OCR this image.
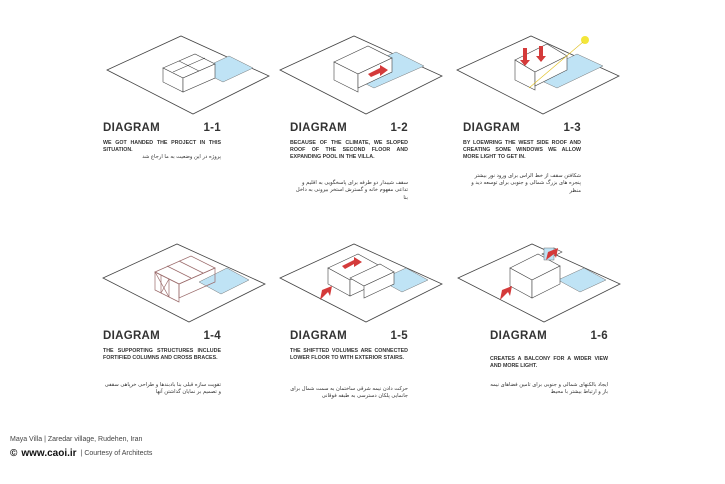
DIAGRAM	1-1
WE GOT HANDED THE PROJECT IN THIS SITUATION.
پروژه در این وضعیت به ما ارجاع شد
DIAGRAM	1-2
BECAUSE OF THE CLIMATE, WE SLOPED ROOF OF THE SECOND FLOOR AND EXPANDING POOL IN THE VILLA.
سقف شیبدار دو طرفه برای پاسخگویی به اقلیم و تداعی مفهوم خانه و گسترش استخر بیرونی به داخل بنا
DIAGRAM	1-3
BY LOEWRING THE WEST SIDE ROOF AND CREATING SOME WINDOWS WE ALLOW MORE LIGHT TO GET IN.
شکافتن سقف از خط الراس برای ورود نور بیشتر پنجره های بزرگ شمالی و جنوبی برای توسعه دید و منظر
DIAGRAM	1-4
THE SUPPORTING STRUCTURES INCLUDE FORTIFIED COLUMNS AND CROSS BRACES.
تقویت سازه قبلی بنا بادبندها و طراحی خرپاهی سقفی و تصمیم بر نمایان گذاشتن آنها
DIAGRAM	1-5
THE SHIFTTED VOLUMES ARE CONNECTED LOWER FLOOR TO WITH EXTERIOR STAIRS.
حرکت دادن نیمه شرقی ساختمان به سمت شمال برای جانمایی پلکان دسترسی به طبقه فوقانی
DIAGRAM	1-6
CREATES A BALCONY FOR A WIDER VIEW AND MORE LIGHT.
ایجاد بالکنهای شمالی و جنوبی برای تامین فضاهای نیمه باز و ارتباط بیشتر با محیط
Maya Villa | Zaredar village, Rudehen, Iran
© www.caoi.ir | Courtesy of Architects
